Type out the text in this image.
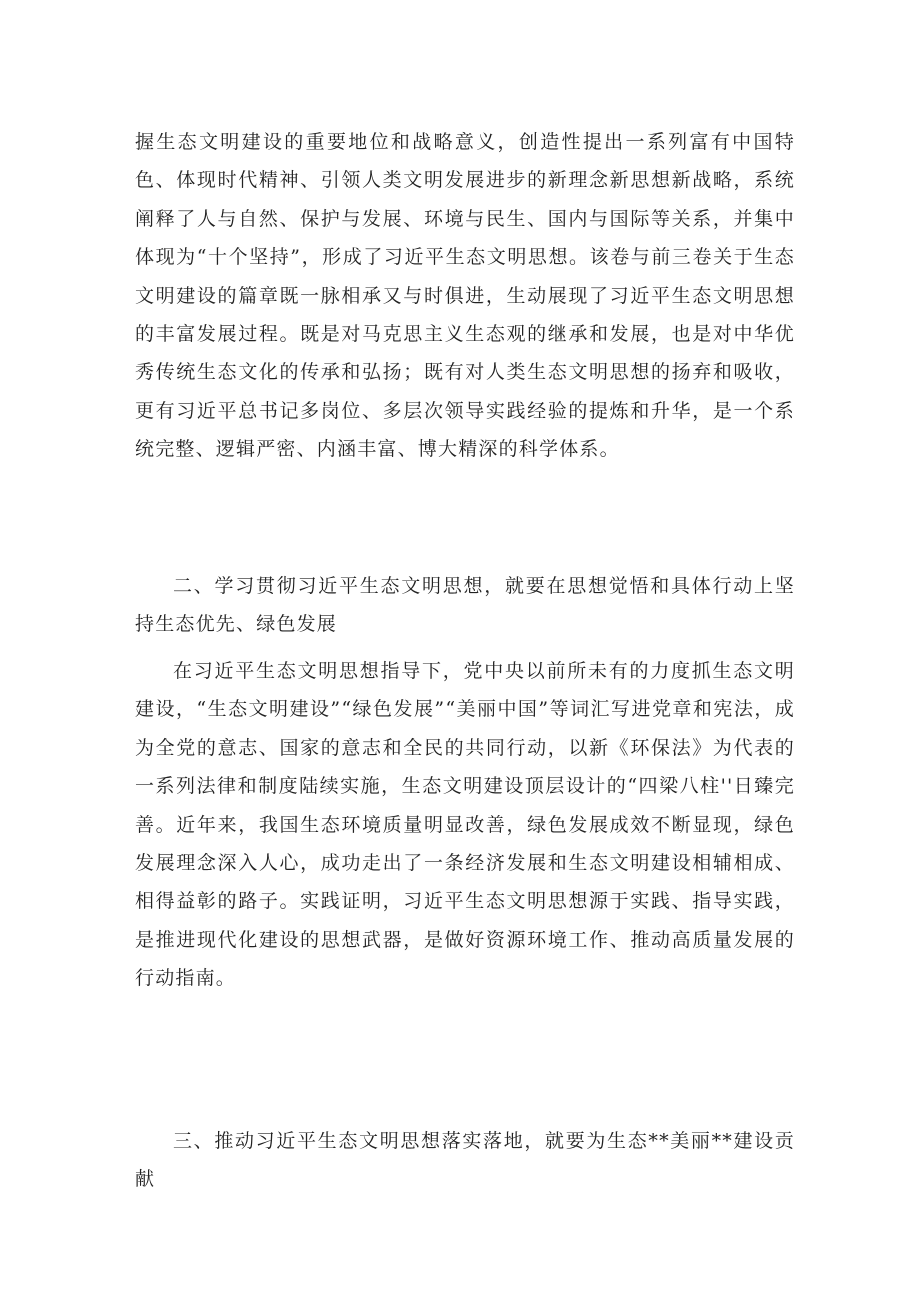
握生态文明建设的重要地位和战略意义，创造性提出一系列富有中国特色、体现时代精神、引领人类文明发展进步的新理念新思想新战略，系统阐释了人与自然、保护与发展、环境与民生、国内与国际等关系，并集中体现为“十个坚持”，形成了习近平生态文明思想。该卷与前三卷关于生态文明建设的篇章既一脉相承又与时俱进，生动展现了习近平生态文明思想的丰富发展过程。既是对马克思主义生态观的继承和发展，也是对中华优秀传统生态文化的传承和弘扬；既有对人类生态文明思想的扬弃和吸收，更有习近平总书记多岗位、多层次领导实践经验的提炼和升华，是一个系统完整、逻辑严密、内涵丰富、博大精深的科学体系。

二、学习贯彻习近平生态文明思想，就要在思想觉悟和具体行动上坚持生态优先、绿色发展

在习近平生态文明思想指导下，党中央以前所未有的力度抓生态文明建设，“生态文明建设”“绿色发展”“美丽中国”等词汇写进党章和宪法，成为全党的意志、国家的意志和全民的共同行动，以新《环保法》为代表的一系列法律和制度陆续实施，生态文明建设顶层设计的“四梁八柱''日臻完善。近年来，我国生态环境质量明显改善，绿色发展成效不断显现，绿色发展理念深入人心，成功走出了一条经济发展和生态文明建设相辅相成、相得益彰的路子。实践证明，习近平生态文明思想源于实践、指导实践，是推进现代化建设的思想武器，是做好资源环境工作、推动高质量发展的行动指南。

三、推动习近平生态文明思想落实落地，就要为生态**美丽**建设贡献
